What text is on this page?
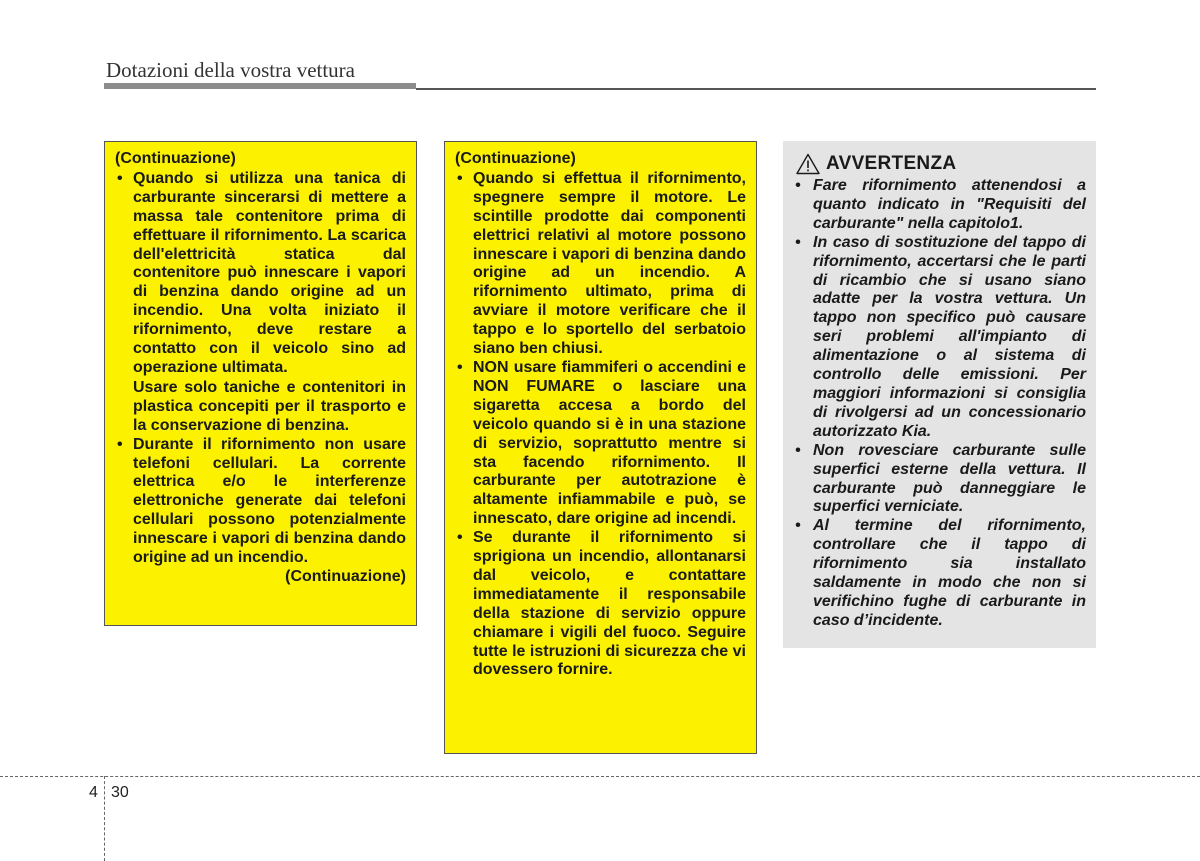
Dotazioni della vostra vettura

(Continuazione)

• Quando si utilizza una tanica di carburante sincerarsi di mettere a massa tale contenitore prima di effettuare il rifornimento. La scarica dell'elettricità statica dal contenitore può innescare i vapori di benzina dando origine ad un incendio. Una volta iniziato il rifornimento, deve restare a contatto con il veicolo sino ad operazione ultimata.
Usare solo taniche e contenitori in plastica concepiti per il trasporto e la conservazione di benzina.
• Durante il rifornimento non usare telefoni cellulari. La corrente elettrica e/o le interferenze elettroniche generate dai telefoni cellulari possono potenzialmente innescare i vapori di benzina dando origine ad un incendio.

(Continuazione)

(Continuazione)

• Quando si effettua il rifornimento, spegnere sempre il motore. Le scintille prodotte dai componenti elettrici relativi al motore possono innescare i vapori di benzina dando origine ad un incendio. A rifornimento ultimato, prima di avviare il motore verificare che il tappo e lo sportello del serbatoio siano ben chiusi.
• NON usare fiammiferi o accendini e NON FUMARE o lasciare una sigaretta accesa a bordo del veicolo quando si è in una stazione di servizio, soprattutto mentre si sta facendo rifornimento. Il carburante per autotrazione è altamente infiammabile e può, se innescato, dare origine ad incendi.
• Se durante il rifornimento si sprigiona un incendio, allontanarsi dal veicolo, e contattare immediatamente il responsabile della stazione di servizio oppure chiamare i vigili del fuoco. Seguire tutte le istruzioni di sicurezza che vi dovessero fornire.
AVVERTENZA
• Fare rifornimento attenendosi a quanto indicato in "Requisiti del carburante" nella capitolo1.
• In caso di sostituzione del tappo di rifornimento, accertarsi che le parti di ricambio che si usano siano adatte per la vostra vettura. Un tappo non specifico può causare seri problemi all'impianto di alimentazione o al sistema di controllo delle emissioni. Per maggiori informazioni si consiglia di rivolgersi ad un concessionario autorizzato Kia.
• Non rovesciare carburante sulle superfici esterne della vettura. Il carburante può danneggiare le superfici verniciate.
• Al termine del rifornimento, controllare che il tappo di rifornimento sia installato saldamente in modo che non si verifichino fughe di carburante in caso d’incidente.
4 30
